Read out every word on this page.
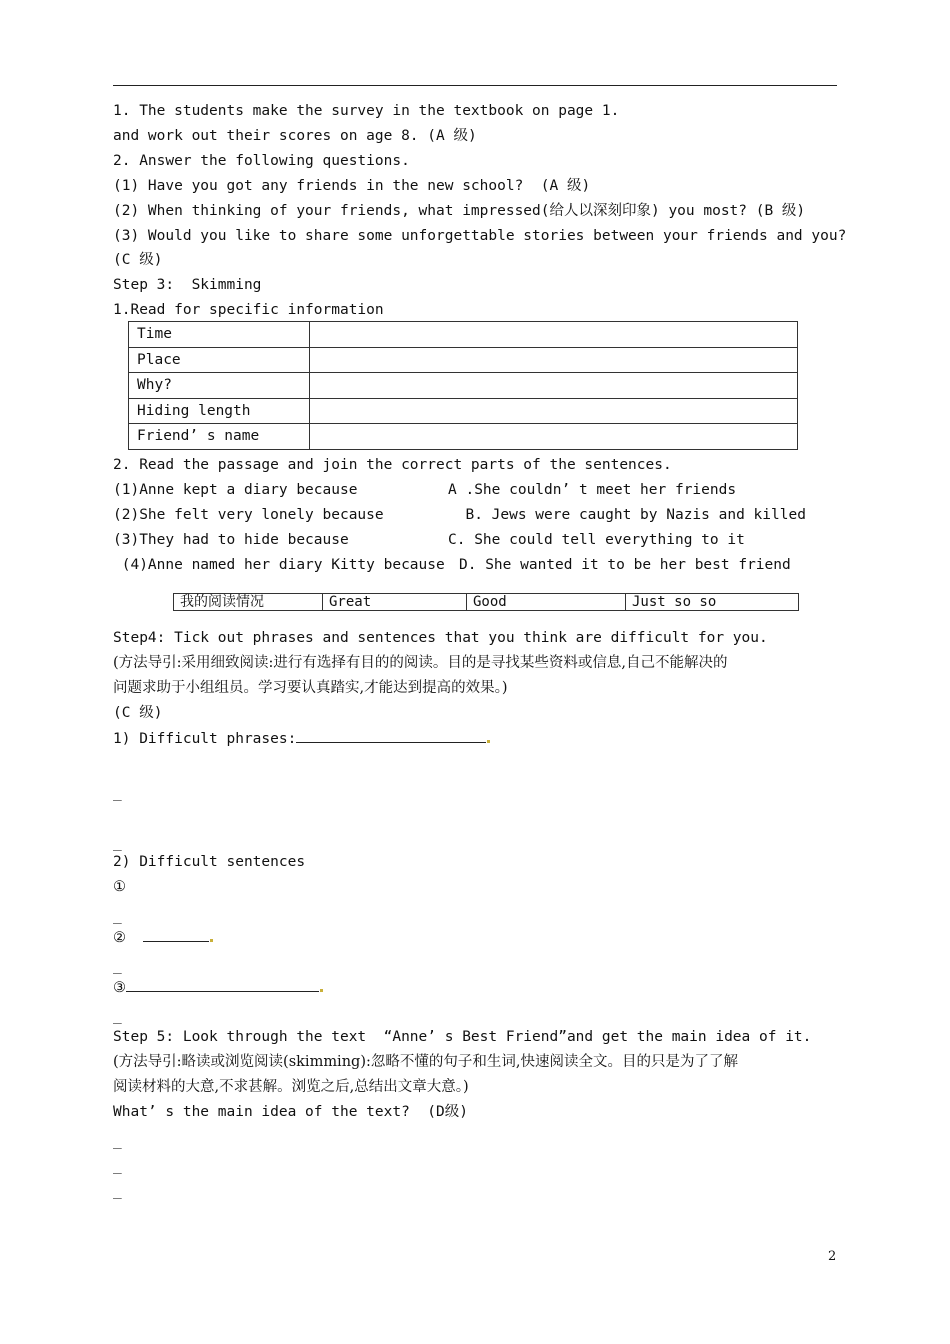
1. The students make the survey in the textbook on page 1.
and work out their scores on age 8. (A 级)
2. Answer the following questions.
(1) Have you got any friends in the new school?  (A 级)
(2) When thinking of your friends, what impressed(给人以深刻印象) you most? (B 级)
(3) Would you like to share some unforgettable stories between your friends and you?
(C 级)
Step 3:  Skimming
1.Read for specific information
Time	
Place	
Why?	
Hiding length	
Friend’ s name	
2. Read the passage and join the correct parts of the sentences.
(1)Anne kept a diary because	A .She couldn’ t meet her friends
(2)She felt very lonely because	B. Jews were caught by Nazis and killed
(3)They had to hide because	C. She could tell everything to it
(4)Anne named her diary Kitty because D. She wanted it to be her best friend
我的阅读情况	Great	Good	Just so so
Step4: Tick out phrases and sentences that you think are difficult for you.
(方法导引:采用细致阅读:进行有选择有目的的阅读。目的是寻找某些资料或信息,自己不能解决的
问题求助于小组组员。学习要认真踏实,才能达到提高的效果。)
(C 级)
1) Difficult phrases:
_
_
2) Difficult sentences
①
_
②
_
③
_
Step 5: Look through the text  “Anne’ s Best Friend”and get the main idea of it.
(方法导引:略读或浏览阅读(skimming):忽略不懂的句子和生词,快速阅读全文。目的只是为了了解
阅读材料的大意,不求甚解。浏览之后,总结出文章大意。)
What’ s the main idea of the text?  (D级)
_
_
_
2
